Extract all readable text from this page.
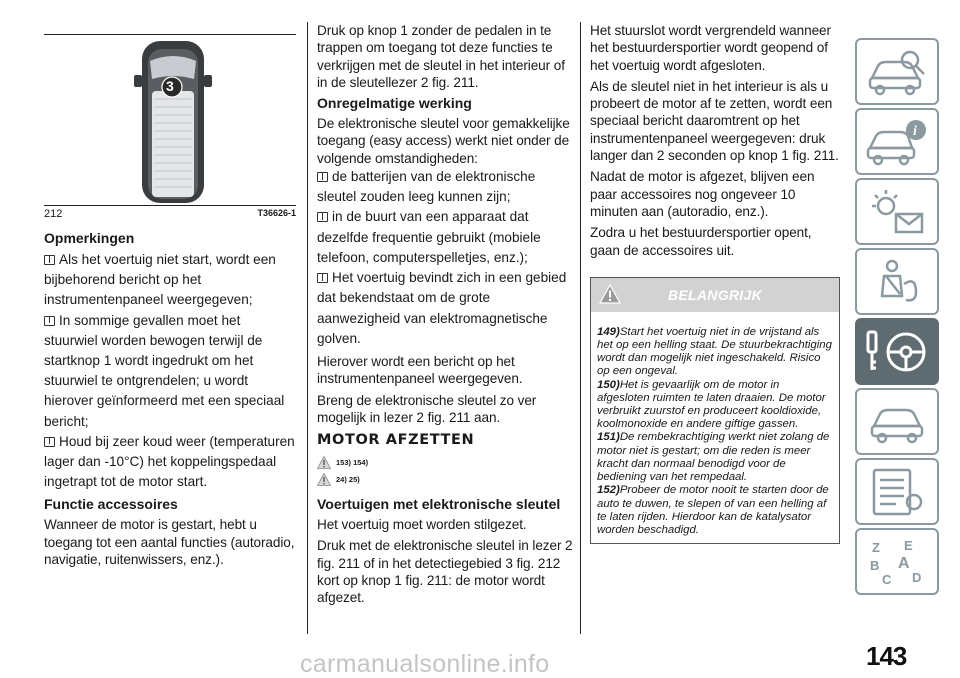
3
212	T36626-1
Opmerkingen
Als het voertuig niet start, wordt een bijbehorend bericht op het instrumentenpaneel weergegeven;
In sommige gevallen moet het stuurwiel worden bewogen terwijl de startknop 1 wordt ingedrukt om het stuurwiel te ontgrendelen; u wordt hierover geïnformeerd met een speciaal bericht;
Houd bij zeer koud weer (temperaturen lager dan -10°C) het koppelingspedaal ingetrapt tot de motor start.
Functie accessoires

Wanneer de motor is gestart, hebt u toegang tot een aantal functies (autoradio, navigatie, ruitenwissers, enz.).

Druk op knop 1 zonder de pedalen in te trappen om toegang tot deze functies te verkrijgen met de sleutel in het interieur of in de sleutellezer 2 fig. 211.

Onregelmatige werking

De elektronische sleutel voor gemakkelijke toegang (easy access) werkt niet onder de volgende omstandigheden:

de batterijen van de elektronische sleutel zouden leeg kunnen zijn;
in de buurt van een apparaat dat dezelfde frequentie gebruikt (mobiele telefoon, computerspelletjes, enz.);
Het voertuig bevindt zich in een gebied dat bekendstaat om de grote aanwezigheid van elektromagnetische golven.

Hierover wordt een bericht op het instrumentenpaneel weergegeven.

Breng de elektronische sleutel zo ver mogelijk in lezer 2 fig. 211 aan.

MOTOR AFZETTEN
153) 154)
24) 25)
Voertuigen met elektronische sleutel

Het voertuig moet worden stilgezet.

Druk met de elektronische sleutel in lezer 2 fig. 211 of in het detectiegebied 3 fig. 212 kort op knop 1 fig. 211: de motor wordt afgezet.

Het stuurslot wordt vergrendeld wanneer het bestuurdersportier wordt geopend of het voertuig wordt afgesloten.

Als de sleutel niet in het interieur is als u probeert de motor af te zetten, wordt een speciaal bericht daaromtrent op het instrumentenpaneel weergegeven: druk langer dan 2 seconden op knop 1 fig. 211.

Nadat de motor is afgezet, blijven een paar accessoires nog ongeveer 10 minuten aan (autoradio, enz.).

Zodra u het bestuurdersportier opent, gaan de accessoires uit.

BELANGRIJK

149)Start het voertuig niet in de vrijstand als het op een helling staat. De stuurbekrachtiging wordt dan mogelijk niet ingeschakeld. Risico op een ongeval.

150)Het is gevaarlijk om de motor in afgesloten ruimten te laten draaien. De motor verbruikt zuurstof en produceert kooldioxide, koolmonoxide en andere giftige gassen.

151)De rembekrachtiging werkt niet zolang de motor niet is gestart; om die reden is meer kracht dan normaal benodigd voor de bediening van het rempedaal.

152)Probeer de motor nooit te starten door de auto te duwen, te slepen of van een helling af te laten rijden. Hierdoor kan de katalysator worden beschadigd.

i
Z E
A
B
C D
143
carmanualsonline.info
